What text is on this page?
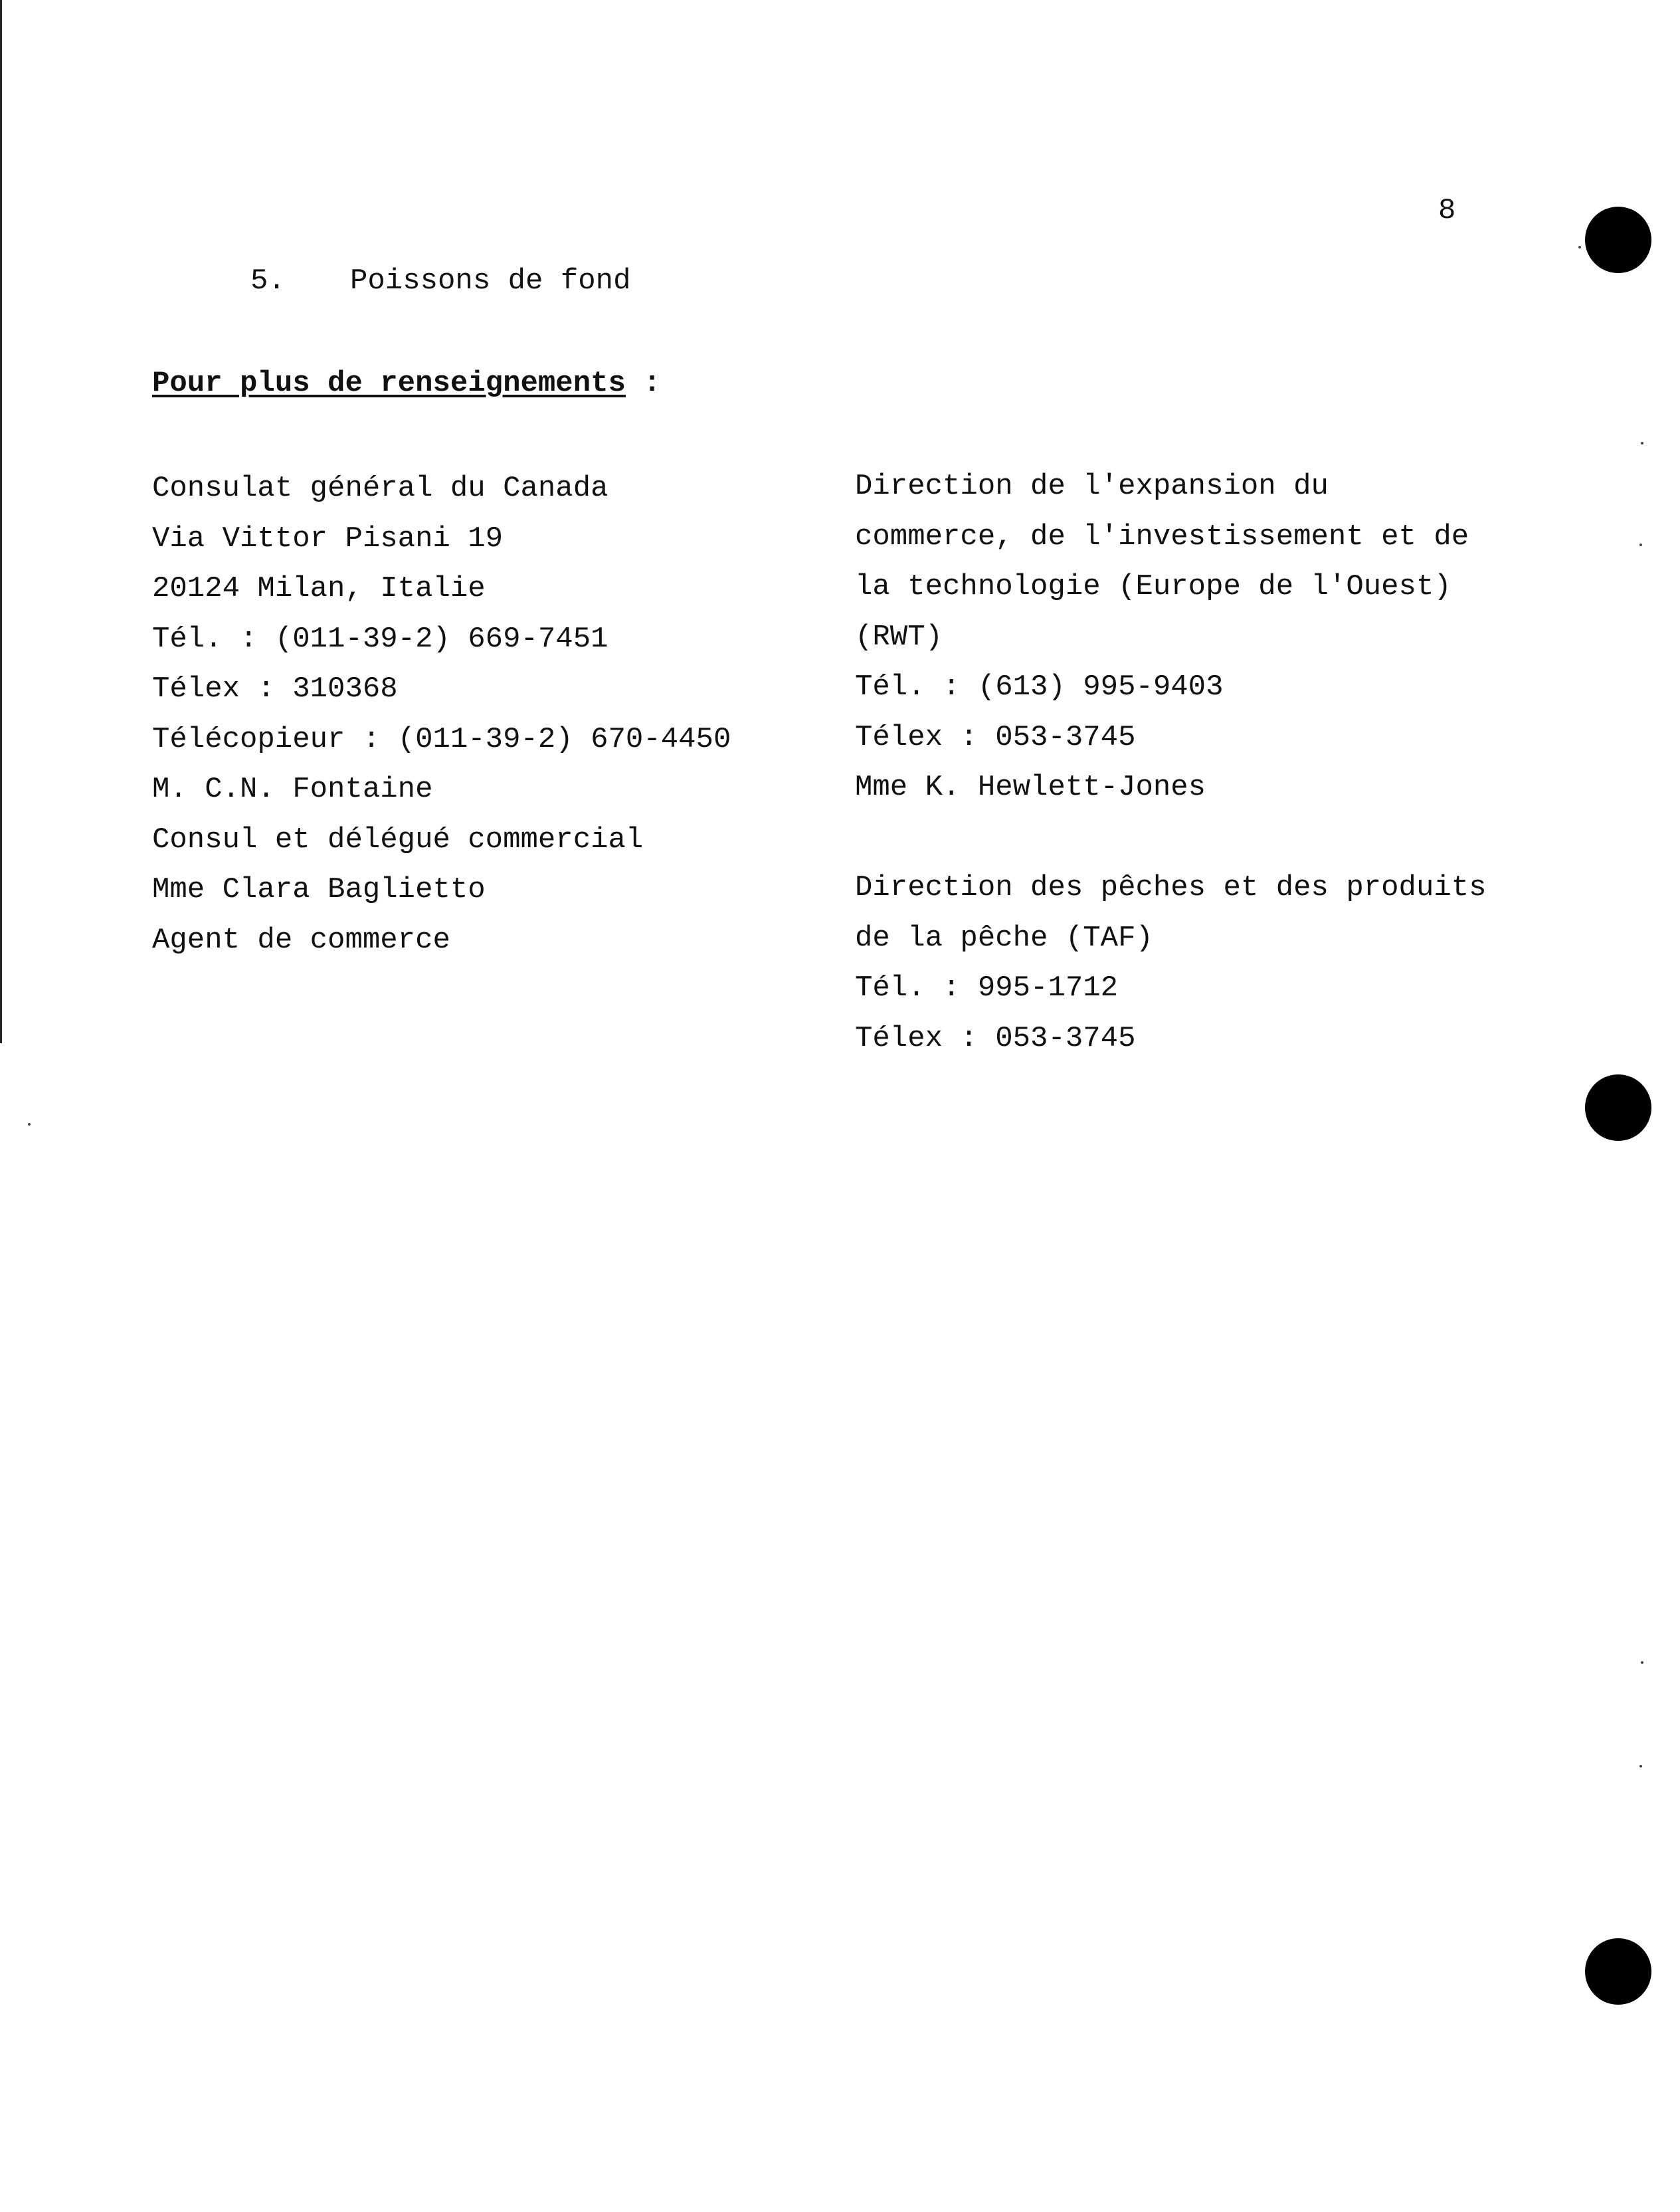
8
5. Poissons de fond
Pour plus de renseignements :
Consulat général du Canada
Via Vittor Pisani 19
20124 Milan, Italie
Tél. : (011-39-2) 669-7451
Télex : 310368
Télécopieur : (011-39-2) 670-4450
M. C.N. Fontaine
Consul et délégué commercial
Mme Clara Baglietto
Agent de commerce
Direction de l'expansion du
commerce, de l'investissement et de
la technologie (Europe de l'Ouest)
(RWT)
Tél. : (613) 995-9403
Télex : 053-3745
Mme K. Hewlett-Jones
Direction des pêches et des produits
de la pêche (TAF)
Tél. : 995-1712
Télex : 053-3745
